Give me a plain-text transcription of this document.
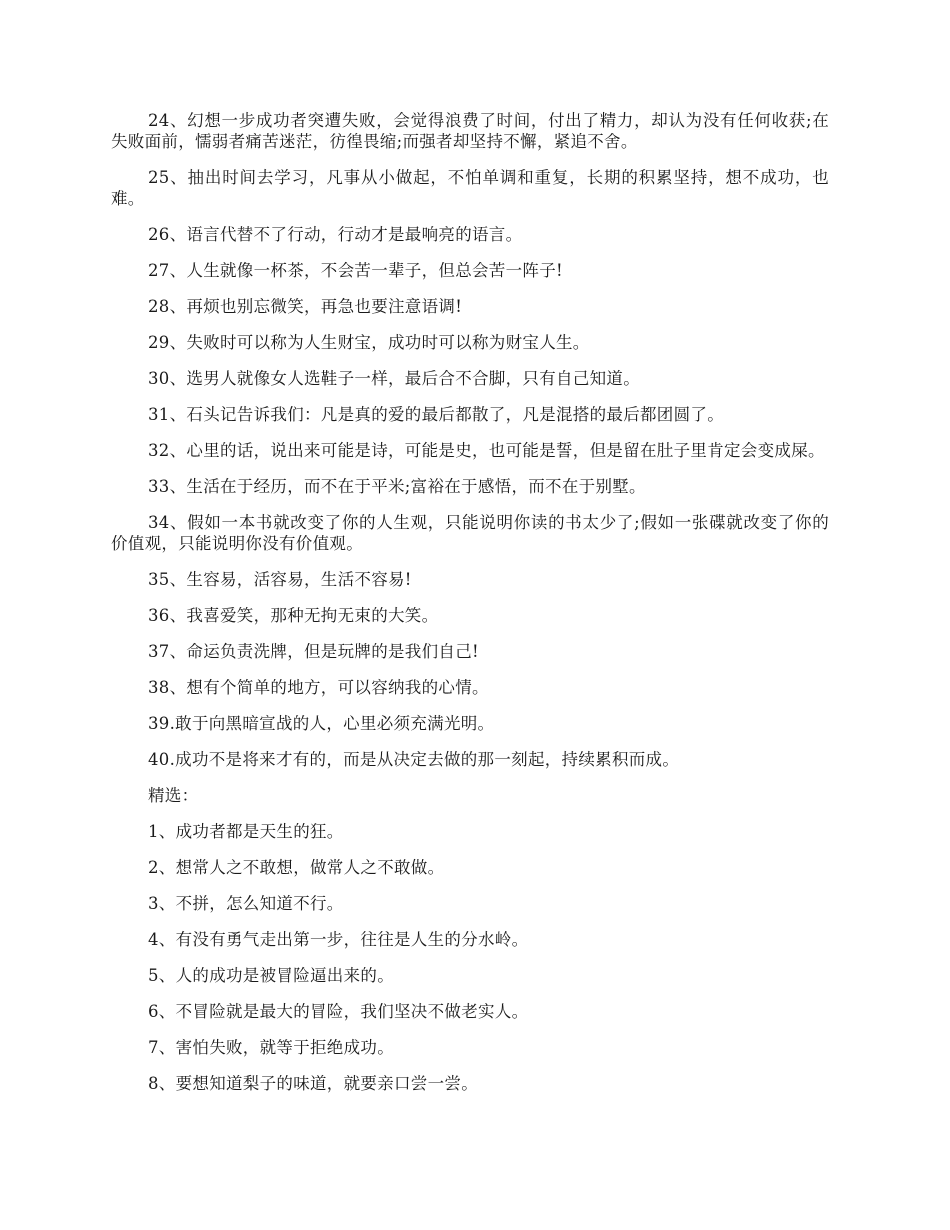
24、幻想一步成功者突遭失败，会觉得浪费了时间，付出了精力，却认为没有任何收获;在失败面前，懦弱者痛苦迷茫，彷徨畏缩;而强者却坚持不懈，紧追不舍。

25、抽出时间去学习，凡事从小做起，不怕单调和重复，长期的积累坚持，想不成功，也难。

26、语言代替不了行动，行动才是最响亮的语言。

27、人生就像一杯茶，不会苦一辈子，但总会苦一阵子!

28、再烦也别忘微笑，再急也要注意语调!

29、失败时可以称为人生财宝，成功时可以称为财宝人生。

30、选男人就像女人选鞋子一样，最后合不合脚，只有自己知道。

31、石头记告诉我们：凡是真的爱的最后都散了，凡是混搭的最后都团圆了。

32、心里的话，说出来可能是诗，可能是史，也可能是誓，但是留在肚子里肯定会变成屎。

33、生活在于经历，而不在于平米;富裕在于感悟，而不在于别墅。

34、假如一本书就改变了你的人生观，只能说明你读的书太少了;假如一张碟就改变了你的价值观，只能说明你没有价值观。

35、生容易，活容易，生活不容易!

36、我喜爱笑，那种无拘无束的大笑。

37、命运负责洗牌，但是玩牌的是我们自己!

38、想有个简单的地方，可以容纳我的心情。

39.敢于向黑暗宣战的人，心里必须充满光明。

40.成功不是将来才有的，而是从决定去做的那一刻起，持续累积而成。

精选：

1、成功者都是天生的狂。

2、想常人之不敢想，做常人之不敢做。

3、不拼，怎么知道不行。

4、有没有勇气走出第一步，往往是人生的分水岭。

5、人的成功是被冒险逼出来的。

6、不冒险就是最大的冒险，我们坚决不做老实人。

7、害怕失败，就等于拒绝成功。

8、要想知道梨子的味道，就要亲口尝一尝。
